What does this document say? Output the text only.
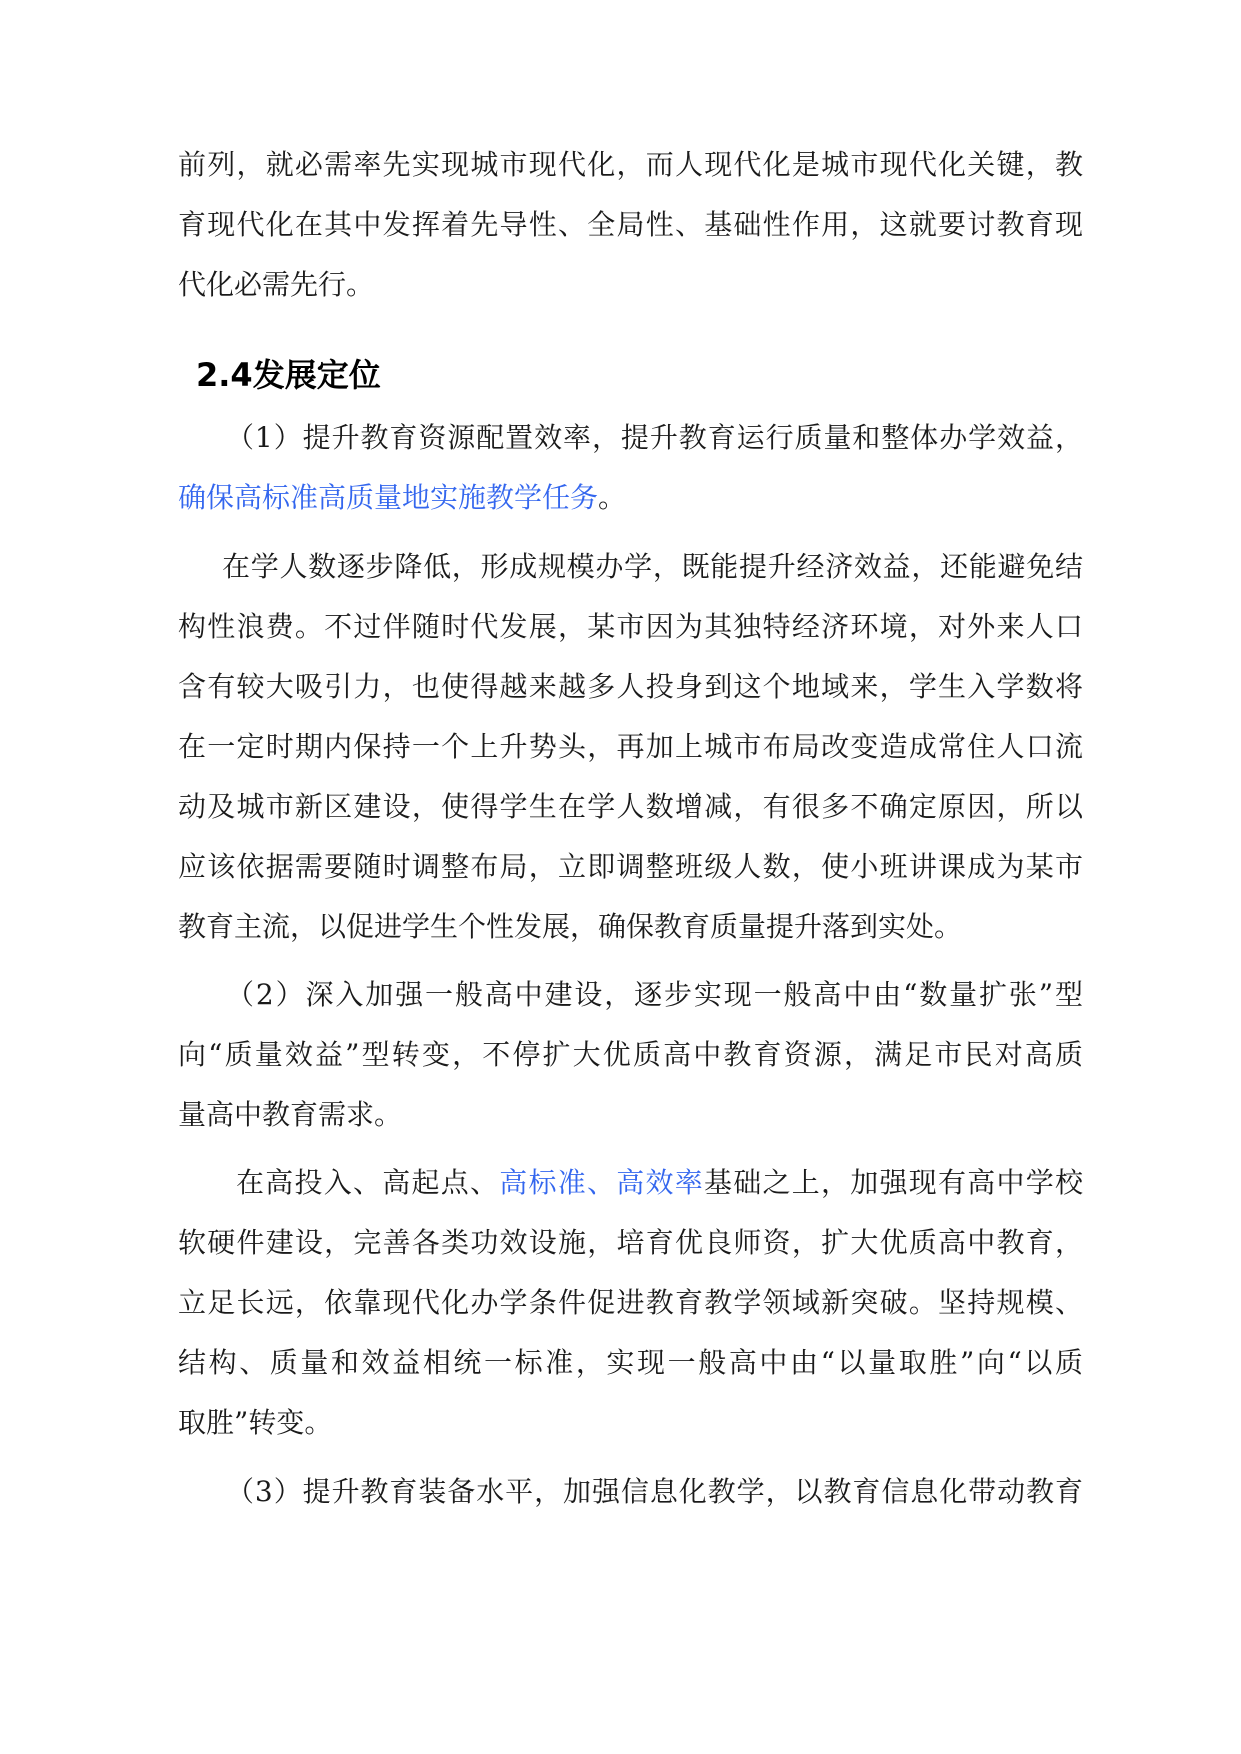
前列，就必需率先实现城市现代化，而人现代化是城市现代化关键，教
育现代化在其中发挥着先导性、全局性、基础性作用，这就要讨教育现
代化必需先行。
2.4发展定位
（1）提升教育资源配置效率，提升教育运行质量和整体办学效益，
确保高标准高质量地实施教学任务。
在学人数逐步降低，形成规模办学，既能提升经济效益，还能避免结
构性浪费。不过伴随时代发展，某市因为其独特经济环境，对外来人口
含有较大吸引力，也使得越来越多人投身到这个地域来，学生入学数将
在一定时期内保持一个上升势头，再加上城市布局改变造成常住人口流
动及城市新区建设，使得学生在学人数增减，有很多不确定原因，所以
应该依据需要随时调整布局，立即调整班级人数，使小班讲课成为某市
教育主流，以促进学生个性发展，确保教育质量提升落到实处。
（2）深入加强一般高中建设，逐步实现一般高中由“数量扩张”型
向“质量效益”型转变，不停扩大优质高中教育资源，满足市民对高质
量高中教育需求。
在高投入、高起点、高标准、高效率基础之上，加强现有高中学校
软硬件建设，完善各类功效设施，培育优良师资，扩大优质高中教育，
立足长远，依靠现代化办学条件促进教育教学领域新突破。坚持规模、
结构、质量和效益相统一标准，实现一般高中由“以量取胜”向“以质
取胜”转变。
（3）提升教育装备水平，加强信息化教学，以教育信息化带动教育
